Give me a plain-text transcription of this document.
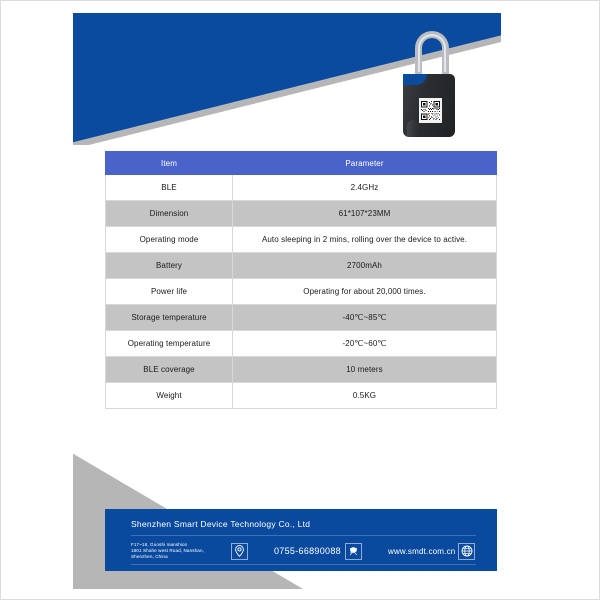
Item	Parameter
BLE	2.4GHz
Dimension	61*107*23MM
Operating mode	Auto sleeping in 2 mins, rolling over the device to active.
Battery	2700mAh
Power life	Operating for about 20,000 times.
Storage temperature	-40℃~85℃
Operating temperature	-20℃~60℃
BLE coverage	10 meters
Weight	0.5KG
Shenzhen Smart Device Technology Co., Ltd
F17~18, Guoshi manshion
1801 Shahe west Road, Nanshan,
Shenzhen, China
0755-66890088	www.smdt.com.cn
